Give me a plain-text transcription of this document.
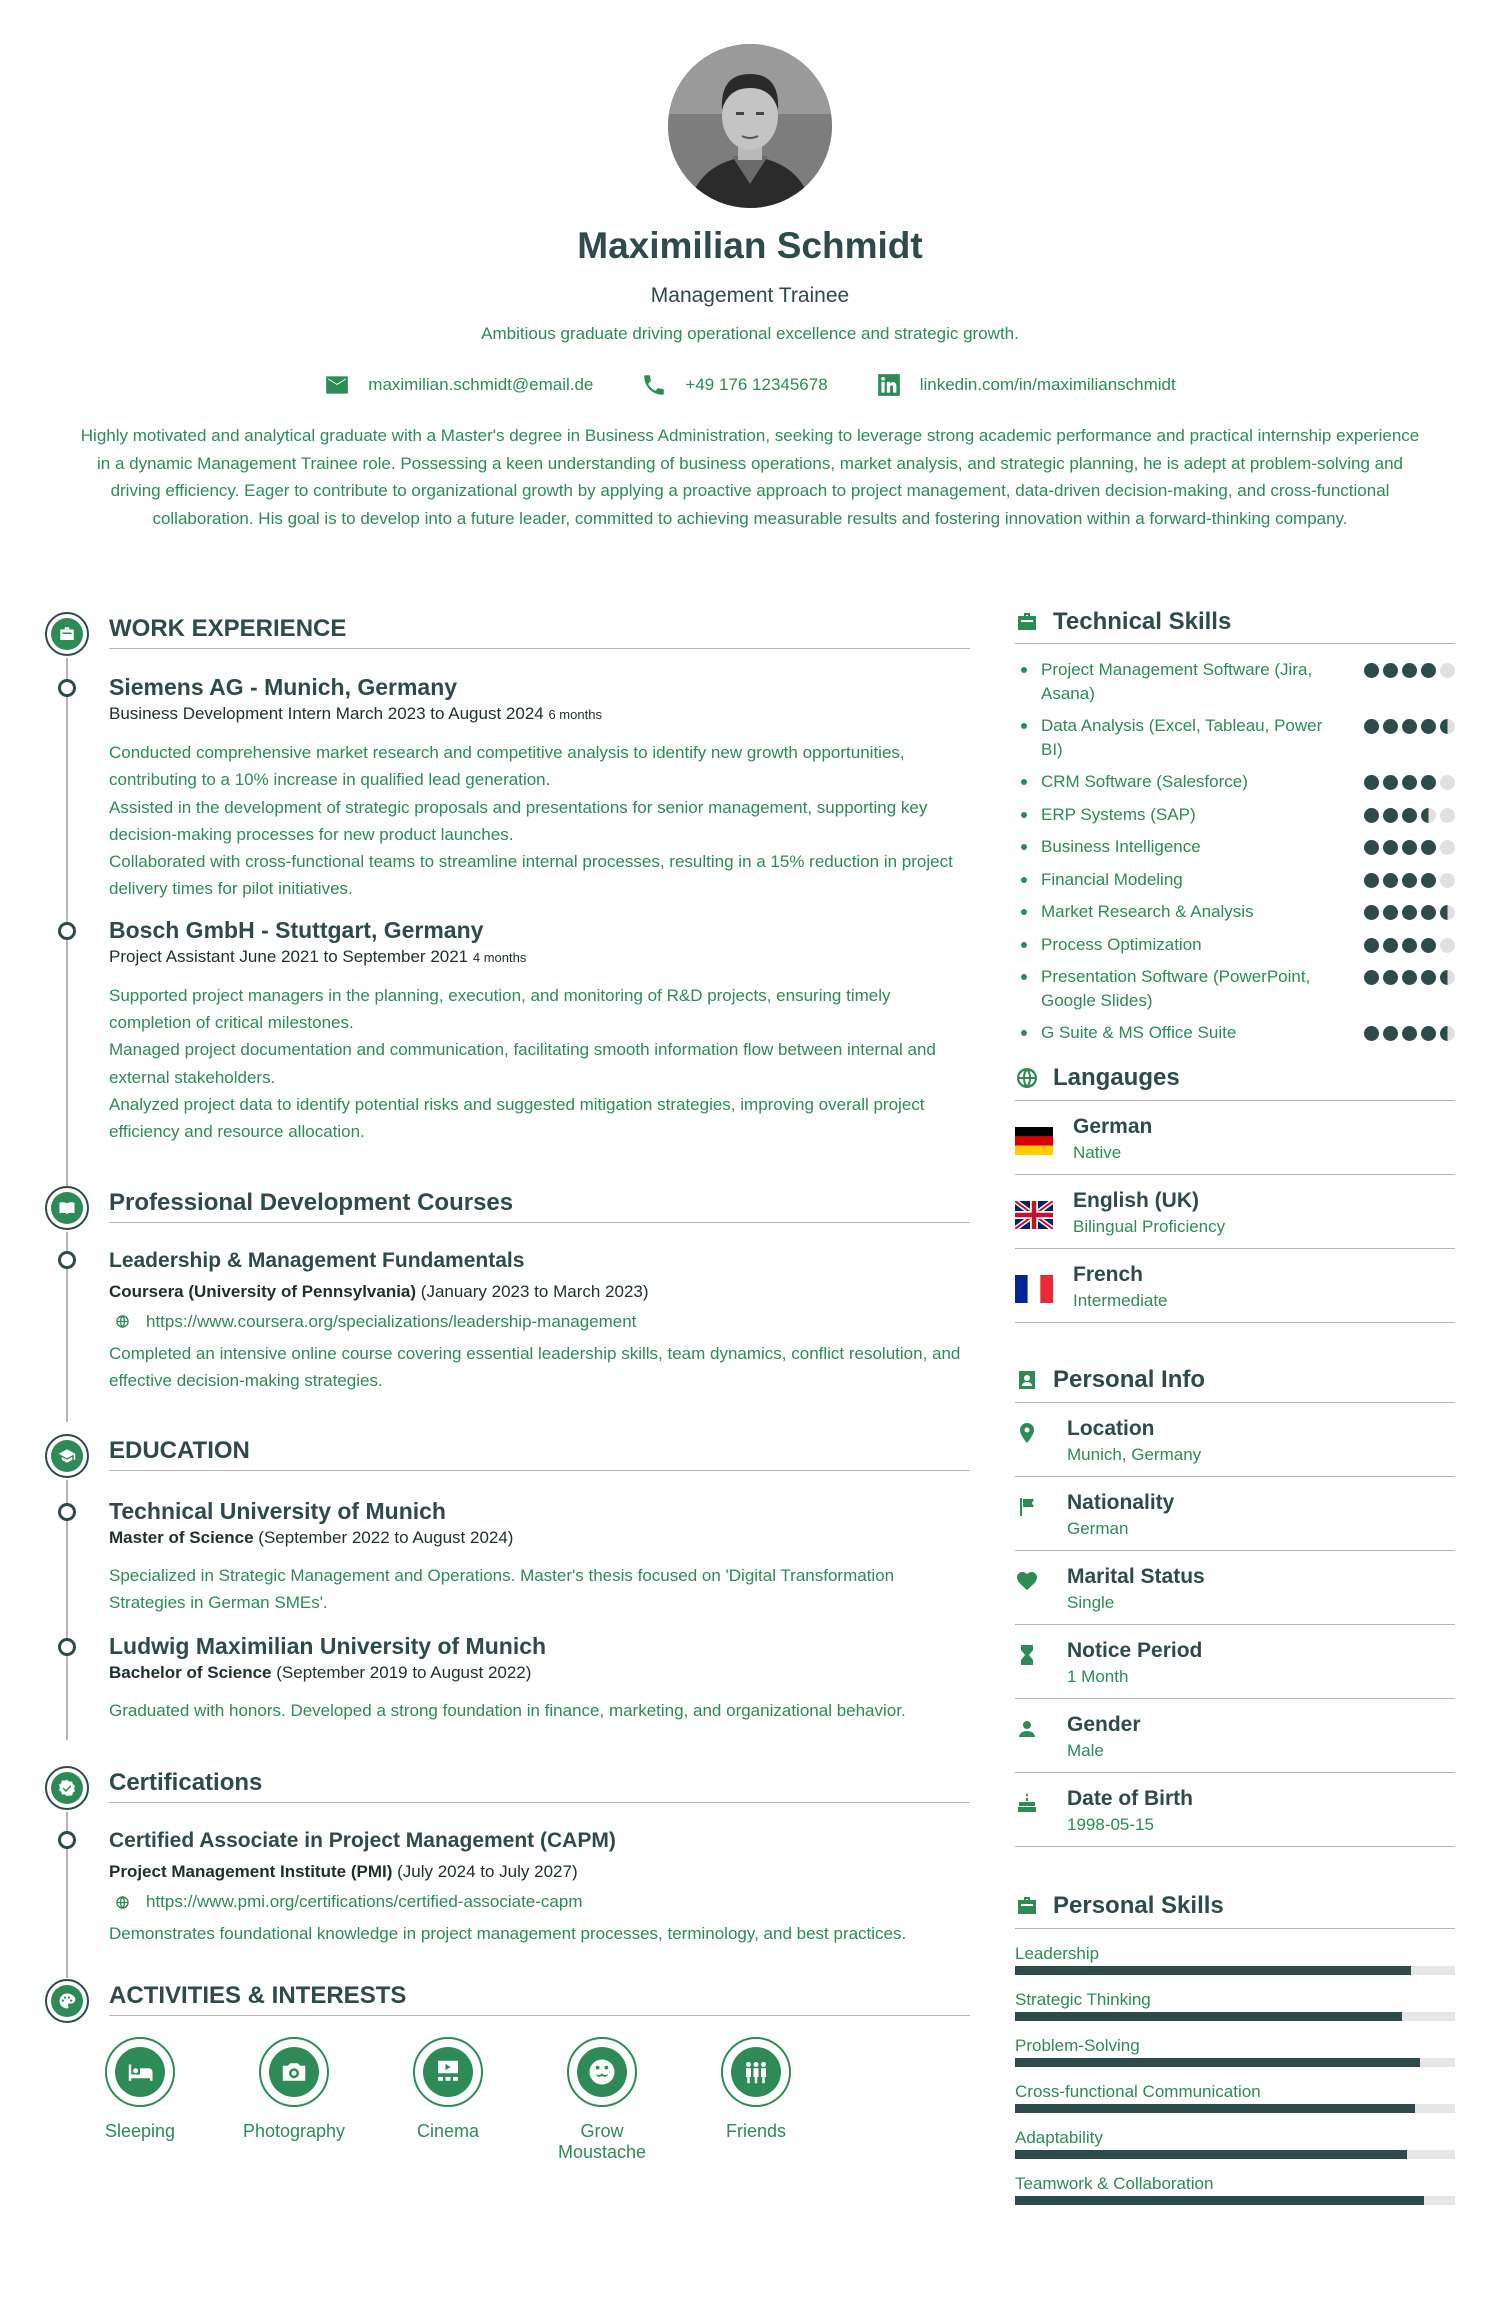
Maximilian Schmidt
Management Trainee
Ambitious graduate driving operational excellence and strategic growth.
maximilian.schmidt@email.de	+49 176 12345678	linkedin.com/in/maximilianschmidt
Highly motivated and analytical graduate with a Master's degree in Business Administration, seeking to leverage strong academic performance and practical internship experience in a dynamic Management Trainee role. Possessing a keen understanding of business operations, market analysis, and strategic planning, he is adept at problem-solving and driving efficiency. Eager to contribute to organizational growth by applying a proactive approach to project management, data-driven decision-making, and cross-functional collaboration. His goal is to develop into a future leader, committed to achieving measurable results and fostering innovation within a forward-thinking company.
WORK EXPERIENCE
Siemens AG - Munich, Germany
Business Development Intern March 2023 to August 2024 6 months
Conducted comprehensive market research and competitive analysis to identify new growth opportunities, contributing to a 10% increase in qualified lead generation.
Assisted in the development of strategic proposals and presentations for senior management, supporting key decision-making processes for new product launches.
Collaborated with cross-functional teams to streamline internal processes, resulting in a 15% reduction in project delivery times for pilot initiatives.
Bosch GmbH - Stuttgart, Germany
Project Assistant June 2021 to September 2021 4 months
Supported project managers in the planning, execution, and monitoring of R&D projects, ensuring timely completion of critical milestones.
Managed project documentation and communication, facilitating smooth information flow between internal and external stakeholders.
Analyzed project data to identify potential risks and suggested mitigation strategies, improving overall project efficiency and resource allocation.
Professional Development Courses
Leadership & Management Fundamentals
Coursera (University of Pennsylvania) (January 2023 to March 2023)
https://www.coursera.org/specializations/leadership-management
Completed an intensive online course covering essential leadership skills, team dynamics, conflict resolution, and effective decision-making strategies.
EDUCATION
Technical University of Munich
Master of Science (September 2022 to August 2024)
Specialized in Strategic Management and Operations. Master's thesis focused on 'Digital Transformation Strategies in German SMEs'.
Ludwig Maximilian University of Munich
Bachelor of Science (September 2019 to August 2022)
Graduated with honors. Developed a strong foundation in finance, marketing, and organizational behavior.
Certifications
Certified Associate in Project Management (CAPM)
Project Management Institute (PMI) (July 2024 to July 2027)
https://www.pmi.org/certifications/certified-associate-capm
Demonstrates foundational knowledge in project management processes, terminology, and best practices.
ACTIVITIES & INTERESTS
Sleeping	Photography	Cinema	Grow Moustache
Friends
Technical Skills
Project Management Software (Jira, Asana)
Data Analysis (Excel, Tableau, Power BI)
CRM Software (Salesforce)
ERP Systems (SAP)
Business Intelligence
Financial Modeling
Market Research & Analysis
Process Optimization
Presentation Software (PowerPoint, Google Slides)
G Suite & MS Office Suite
Langauges
German
Native
English (UK)
Bilingual Proficiency
French
Intermediate
Personal Info
Location
Munich, Germany
Nationality
German
Marital Status
Single
Notice Period
1 Month
Gender
Male
Date of Birth
1998-05-15
Personal Skills
Leadership
Strategic Thinking
Problem-Solving
Cross-functional Communication
Adaptability
Teamwork & Collaboration
